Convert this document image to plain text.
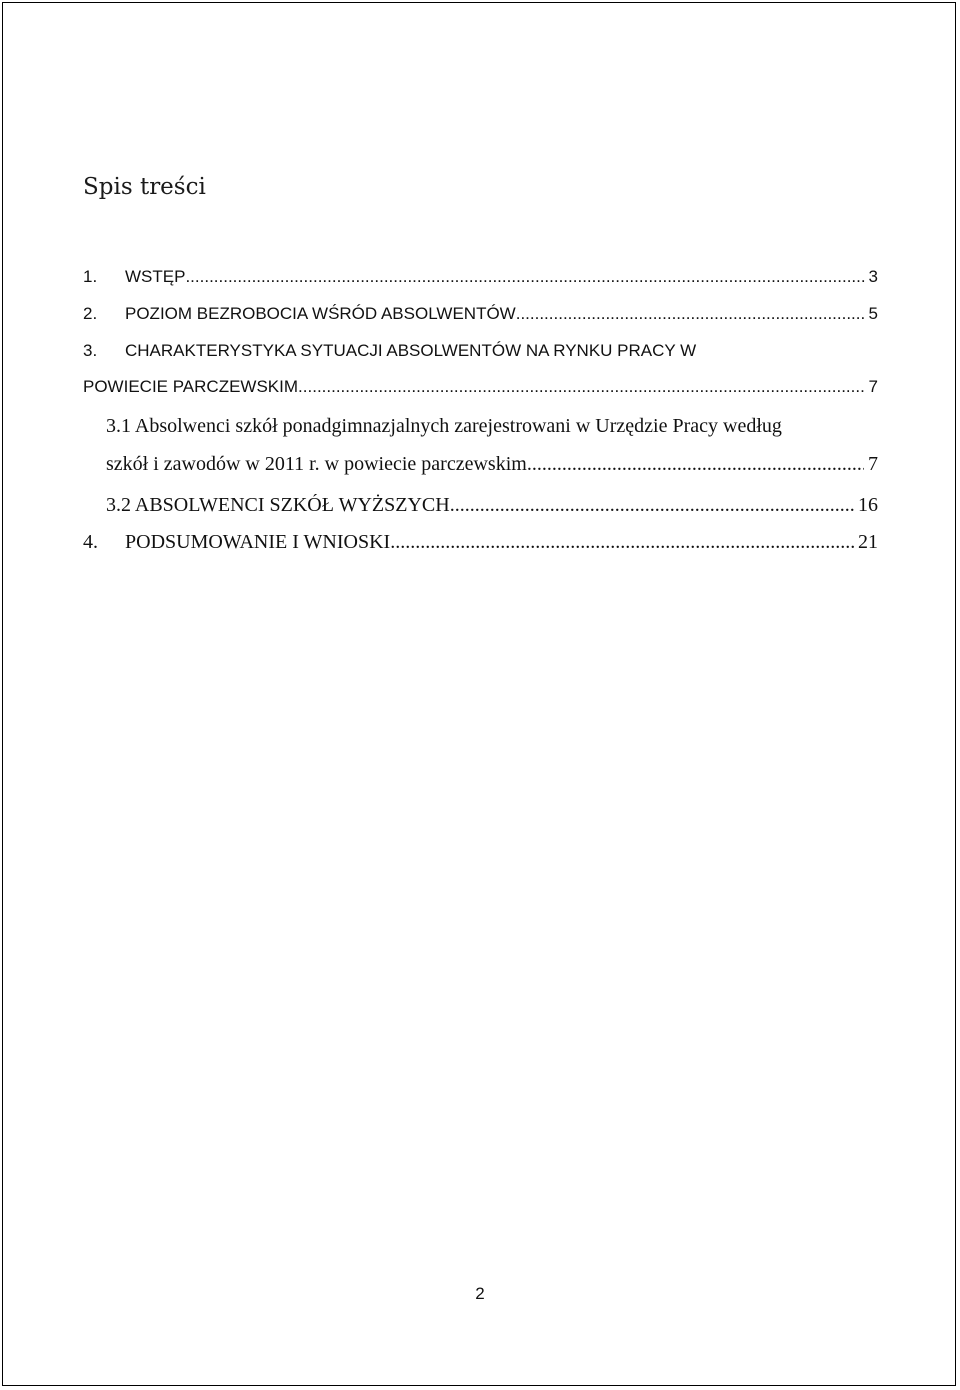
Spis treści
1.	WSTĘP .....	3
2.	POZIOM BEZROBOCIA WŚRÓD ABSOLWENTÓW .....	5
3.	CHARAKTERYSTYKA SYTUACJI ABSOLWENTÓW NA RYNKU PRACY W
POWIECIE PARCZEWSKIM .....	7
3.1 Absolwenci szkół ponadgimnazjalnych zarejestrowani w Urzędzie Pracy według
szkół i zawodów w 2011 r. w powiecie parczewskim .....	7
3.2 ABSOLWENCI SZKÓŁ WYŻSZYCH .....	16
4.	PODSUMOWANIE I WNIOSKI .....	21
2
